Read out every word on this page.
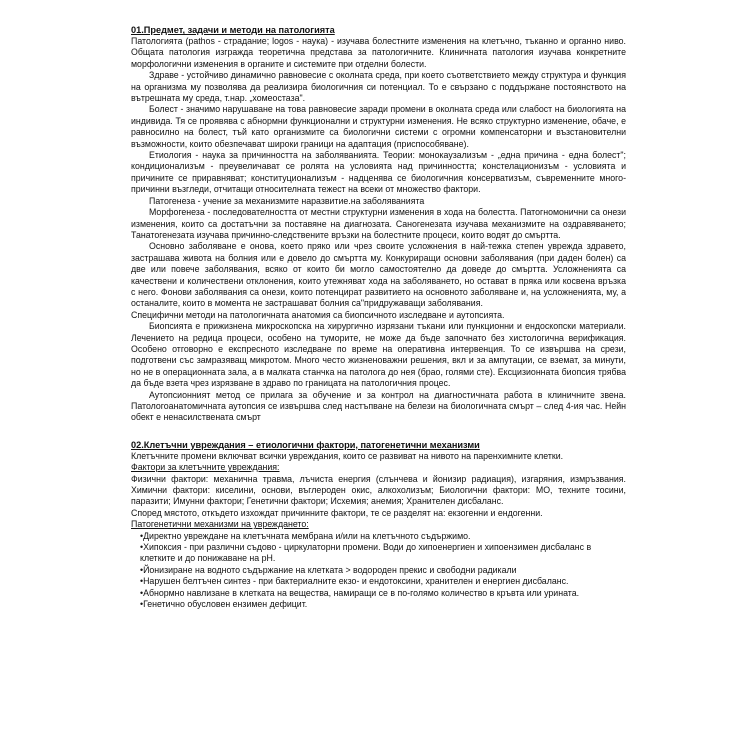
01.Предмет, задачи и методи на патологията

Патологията (pathos - страдание; logos - наука) - изучава болестните изменения на клетъчно, тъканно и органно ниво. Общата патология изгражда теоретична представа за патологичните. Клиничната патология изучава конкретните морфологични изменения в органите и системите при отделни болести.

Здраве - устойчиво динамично равновесие с околната среда, при което съответствието между структура и функция на организма му позволява да реализира биологичния си потенциал. То е свързано с поддържане постоянството на вътрешната му среда, т.нар. „хомеостаза".

Болест - значимо нарушаване на това равновесие заради промени в околната среда или слабост на биологията на индивида. Тя се проявява с абнормни функционални и структурни изменения. Не всяко структурно изменение, обаче, е равносилно на болест, тъй като организмите са биологични системи с огромни компенсаторни и възстановителни възможности, които обезпечават широки граници на адаптация (приспособяване).

Етиология - наука за причинността на заболяванията. Теории: монокаузализъм - „една причина - една болест"; кондиционализъм - преувеличават се ролята на условията над причинността; констелационизъм - условията и причините се приравняват; конституционализъм - надценява се биологичния консерватизъм, съвременните много-причинни възгледи, отчитащи относителната тежест на всеки от множество фактори.

Патогенеза - учение за механизмите наразвитие.на заболяванията

Морфогенеза - последователността от местни структурни изменения в хода на болестта. Патогномонични са онези изменения, които са достатъчни за поставяне на диагнозата. Саногенезата изучава механизмите на оздравяването; Танатогенезата изучава причинно-следствените връзки на болестните процеси, които водят до смъртта.

Основно заболяване е онова, което пряко или чрез своите усложнения в най-тежка степен уврежда здравето, застрашава живота на болния или е довело до смъртта му. Конкуриращи основни заболявания (при даден болен) са две или повече заболявания, всяко от които би могло самостоятелно да доведе до смъртта. Усложненията са качествени и количествени отклонения, които утежняват хода на заболяването, но остават в пряка или косвена връзка с него. Фонови заболявания са онези, които потенцират развитието на основното заболяване и, на усложненията, му, а останалите, които в момента не застрашават болния са"придружаващи заболявания.

Специфични методи на патологичната анатомия са биопсичното изследване и аутопсията.

Биопсията е прижизнена микроскопска на хирургично изрязани тъкани или пункционни и ендоскопски материали. Лечението на редица процеси, особено на туморите, не може да бъде започнато без хистологична верификация. Особено отговорно е експресното изследване по време на оперативна интервенция. То се извършва на срези, подготвени със замразяващ микротом. Много често жизненоважни решения, вкл и за ампутации, се вземат, за минути, но не в операционната зала, а в малката станчка на патолога до нея (браo, голями сте). Ексцизионната биопсия трябва да бъде взета чрез изрязване в здраво по границата на патологичния процес.

Аутопсионният метод се прилага за обучение и за контрол на диагностичната работа в клиничните звена. Патологоанатомичната аутопсия се извършва след настъпване на белези на биологичната смърт – след 4-ия час. Нейн обект е ненасилствената смърт

02.Клетъчни увреждания – етиологични фактори, патогенетични механизми

Клетъчните промени включват всички увреждания, които се развиват на нивото на паренхимните клетки.

Фактори за клетъчните увреждания:

Физични фактори: механична травма, лъчиста енергия (слънчева и йонизир радиация), изгаряния, измръзвания. Химични фактори: киселини, основи, въглероден окис, алкохолизъм; Биологични фактори: МО, техните тосини, паразити; Имунни фактори; Генетични фактори; Исхемия; анемия; Хранителен дисбаланс.

Според мястото, откъдето изхождат причинните фактори, те се разделят на: екзогенни и ендогенни.

Патогенетични механизми на увреждането:

•Директно увреждане на клетъчната мембрана и/или на клетъчното съдържимо.

•Хипоксия - при различни съдово - циркулаторни промени. Води до хипоенергиен и хипоензимен дисбаланс в клетките и до понижаване на рН.

•Йонизиране на водното съдържание на клетката > водороден прекис и свободни радикали

•Нарушен белтъчен синтез - при бактериалните екзо- и ендотоксини, хранителен и енергиен дисбаланс.

•Абнормно навлизане в клетката на вещества, намиращи се в по-голямо количество в кръвта или урината.

•Генетично обусловен ензимен дефицит.
